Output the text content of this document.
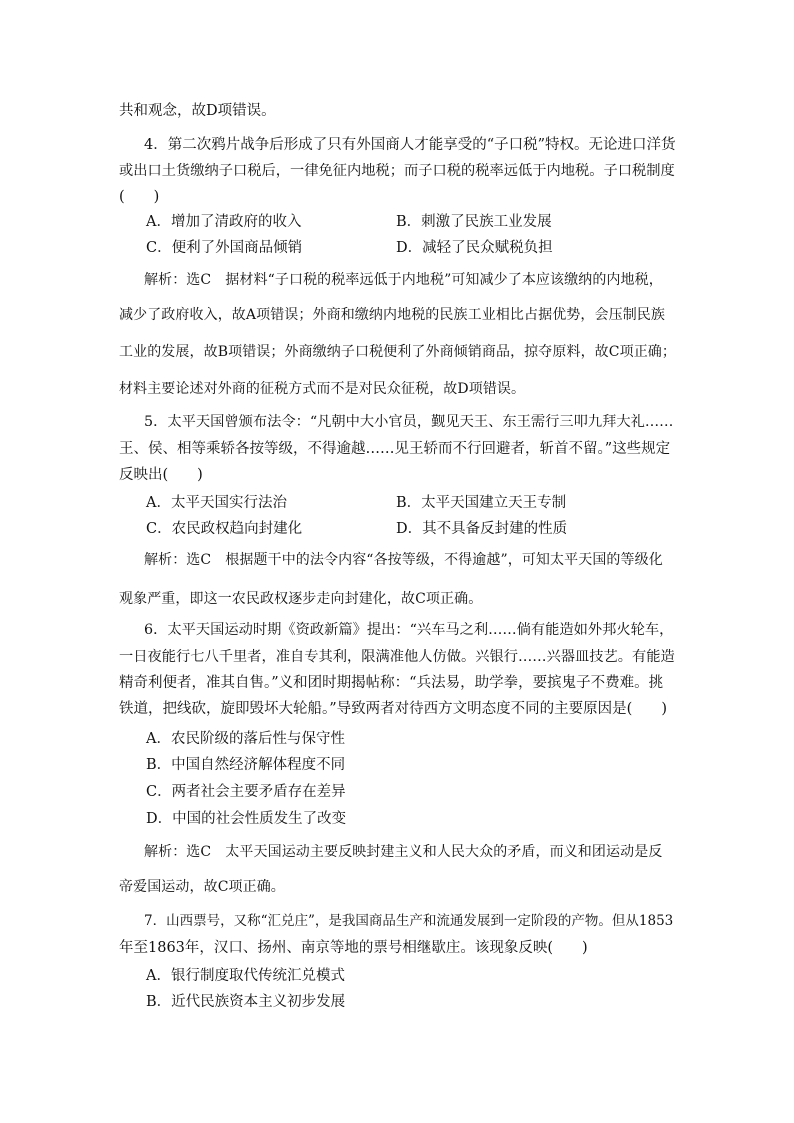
共和观念，故D项错误。
4．第二次鸦片战争后形成了只有外国商人才能享受的“子口税”特权。无论进口洋货
或出口土货缴纳子口税后，一律免征内地税；而子口税的税率远低于内地税。子口税制度
(　　)
A．增加了清政府的收入	B．刺激了民族工业发展
C．便利了外国商品倾销	D．减轻了民众赋税负担
解析：选C　据材料“子口税的税率远低于内地税”可知减少了本应该缴纳的内地税，
减少了政府收入，故A项错误；外商和缴纳内地税的民族工业相比占据优势，会压制民族
工业的发展，故B项错误；外商缴纳子口税便利了外商倾销商品，掠夺原料，故C项正确；
材料主要论述对外商的征税方式而不是对民众征税，故D项错误。
5．太平天国曾颁布法令：“凡朝中大小官员，觐见天王、东王需行三叩九拜大礼……
王、侯、相等乘轿各按等级，不得逾越……见王轿而不行回避者，斩首不留。”这些规定
反映出(　　)
A．太平天国实行法治	B．太平天国建立天王专制
C．农民政权趋向封建化	D．其不具备反封建的性质
解析：选C　根据题干中的法令内容“各按等级，不得逾越”，可知太平天国的等级化
观象严重，即这一农民政权逐步走向封建化，故C项正确。
6．太平天国运动时期《资政新篇》提出：“兴车马之利……倘有能造如外邦火轮车，
一日夜能行七八千里者，准自专其利，限满准他人仿做。兴银行……兴器皿技艺。有能造
精奇利便者，准其自售。”义和团时期揭帖称：“兵法易，助学拳，要摈鬼子不费难。挑
铁道，把线砍，旋即毁坏大轮船。”导致两者对待西方文明态度不同的主要原因是(　　)
A．农民阶级的落后性与保守性
B．中国自然经济解体程度不同
C．两者社会主要矛盾存在差异
D．中国的社会性质发生了改变
解析：选C　太平天国运动主要反映封建主义和人民大众的矛盾，而义和团运动是反
帝爱国运动，故C项正确。
7．山西票号，又称“汇兑庄”，是我国商品生产和流通发展到一定阶段的产物。但从1853
年至1863年，汉口、扬州、南京等地的票号相继歇庄。该现象反映(　　)
A．银行制度取代传统汇兑模式
B．近代民族资本主义初步发展
